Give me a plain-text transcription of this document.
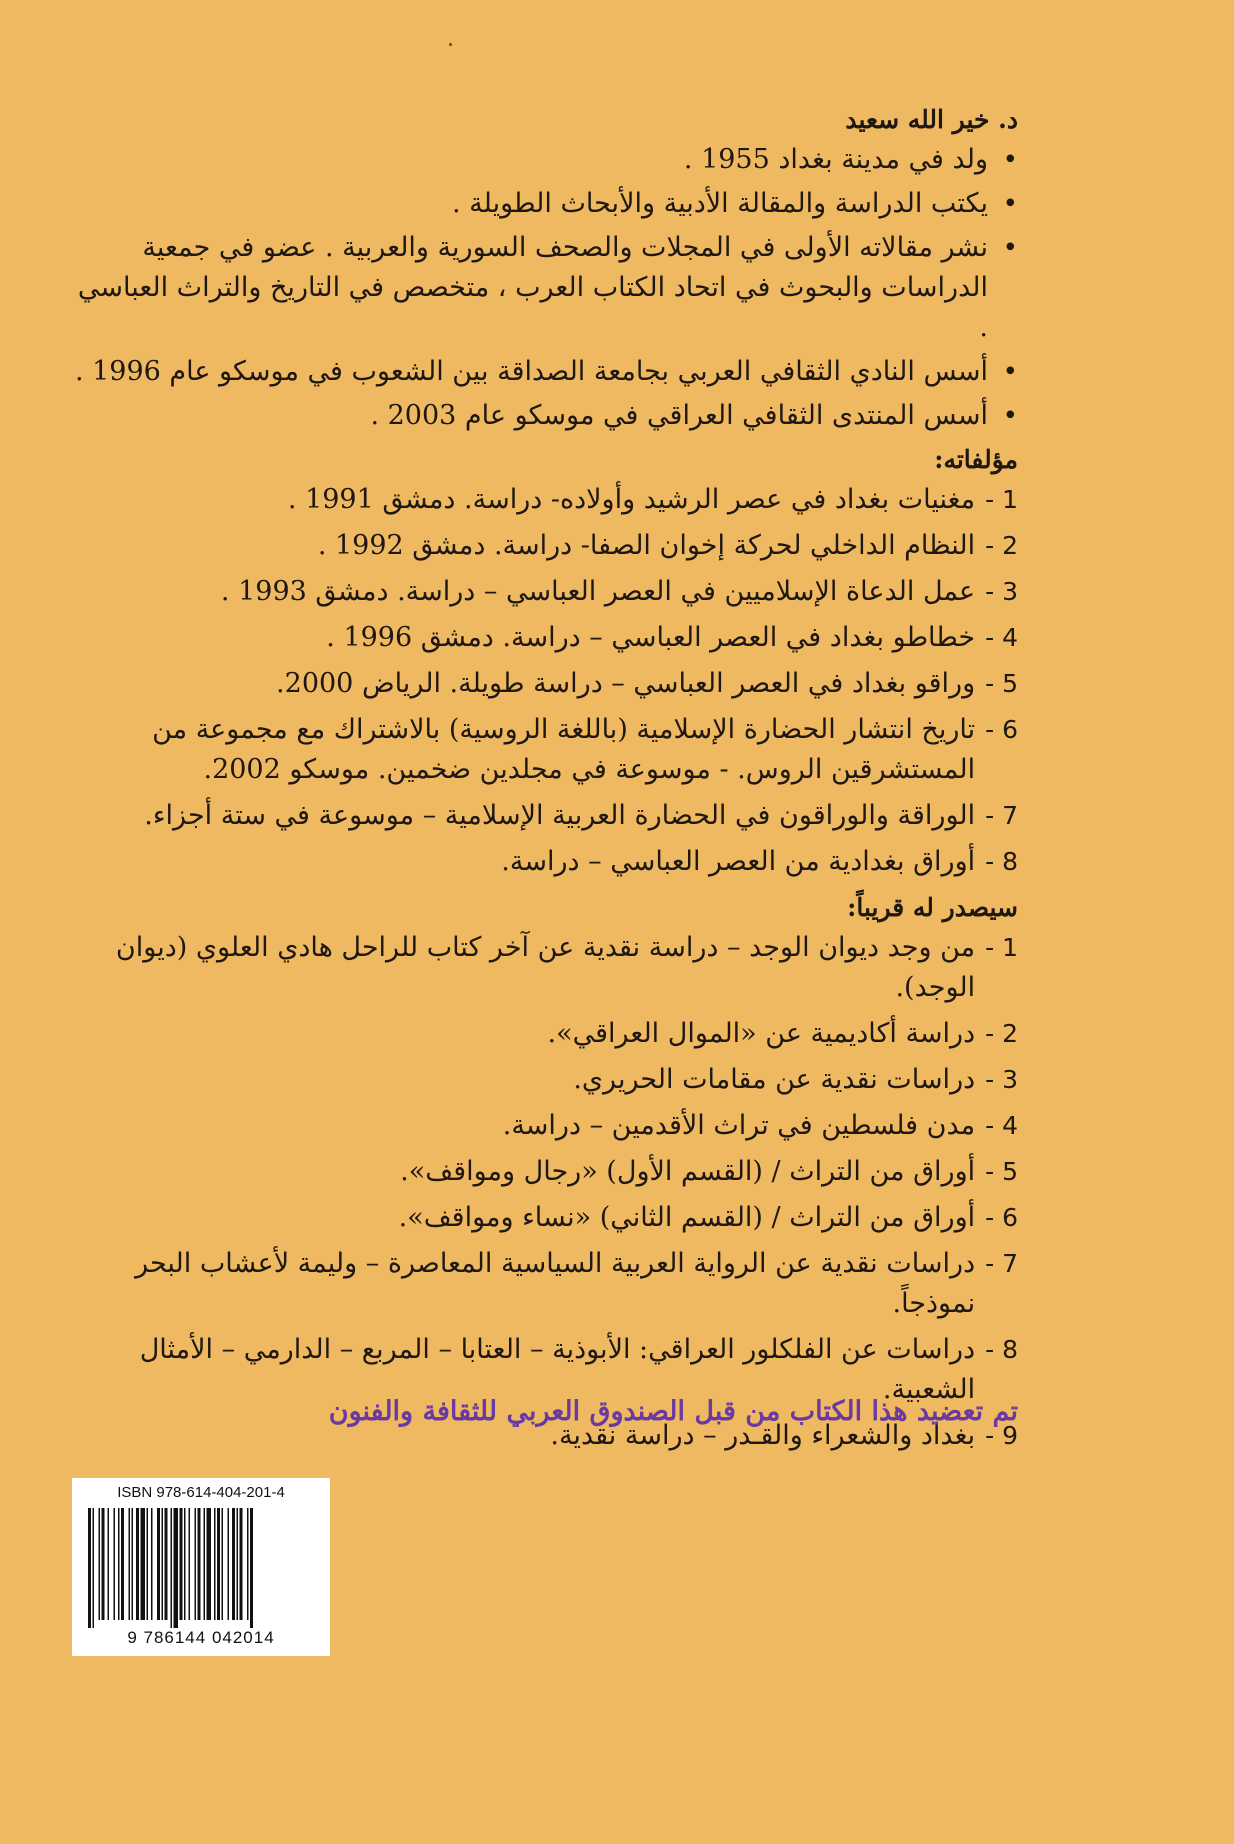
د. خير الله سعيد

• ولد في مدينة بغداد 1955 .
• يكتب الدراسة والمقالة الأدبية والأبحاث الطويلة .
• نشر مقالاته الأولى في المجلات والصحف السورية والعربية . عضو في جمعية الدراسات والبحوث في اتحاد الكتاب العرب ، متخصص في التاريخ والتراث العباسي .
• أسس النادي الثقافي العربي بجامعة الصداقة بين الشعوب في موسكو عام 1996 .
• أسس المنتدى الثقافي العراقي في موسكو عام 2003 .

مؤلفاته:

1 -
مغنيات بغداد في عصر الرشيد وأولاده- دراسة. دمشق 1991 .
2 -
النظام الداخلي لحركة إخوان الصفا- دراسة. دمشق 1992 .
3 -
عمل الدعاة الإسلاميين في العصر العباسي – دراسة. دمشق 1993 .
4 -
خطاطو بغداد في العصر العباسي – دراسة. دمشق 1996 .
5 -
وراقو بغداد في العصر العباسي – دراسة طويلة. الرياض 2000.
6 -
تاريخ انتشار الحضارة الإسلامية (باللغة الروسية) بالاشتراك مع مجموعة من المستشرقين الروس. - موسوعة في مجلدين ضخمين. موسكو 2002.
7 -
الوراقة والوراقون في الحضارة العربية الإسلامية – موسوعة في ستة أجزاء.
8 -
أوراق بغدادية من العصر العباسي – دراسة.

سيصدر له قريباً:

1 -
من وجد ديوان الوجد – دراسة نقدية عن آخر كتاب للراحل هادي العلوي (ديوان الوجد).
2 -
دراسة أكاديمية عن «الموال العراقي».
3 -
دراسات نقدية عن مقامات الحريري.
4 -
مدن فلسطين في تراث الأقدمين – دراسة.
5 -
أوراق من التراث / (القسم الأول) «رجال ومواقف».
6 -
أوراق من التراث / (القسم الثاني) «نساء ومواقف».
7 -
دراسات نقدية عن الرواية العربية السياسية المعاصرة – وليمة لأعشاب البحر نموذجاً.
8 -
دراسات عن الفلكلور العراقي: الأبوذية – العتابا – المربع – الدارمي – الأمثال الشعبية.
9 -
بغداد والشعراء والقـدر – دراسة نقدية.
تم تعضيد هذا الكتاب من قبل الصندوق العربي للثقافة والفنون
ISBN 978-614-404-201-4
9 786144 042014
